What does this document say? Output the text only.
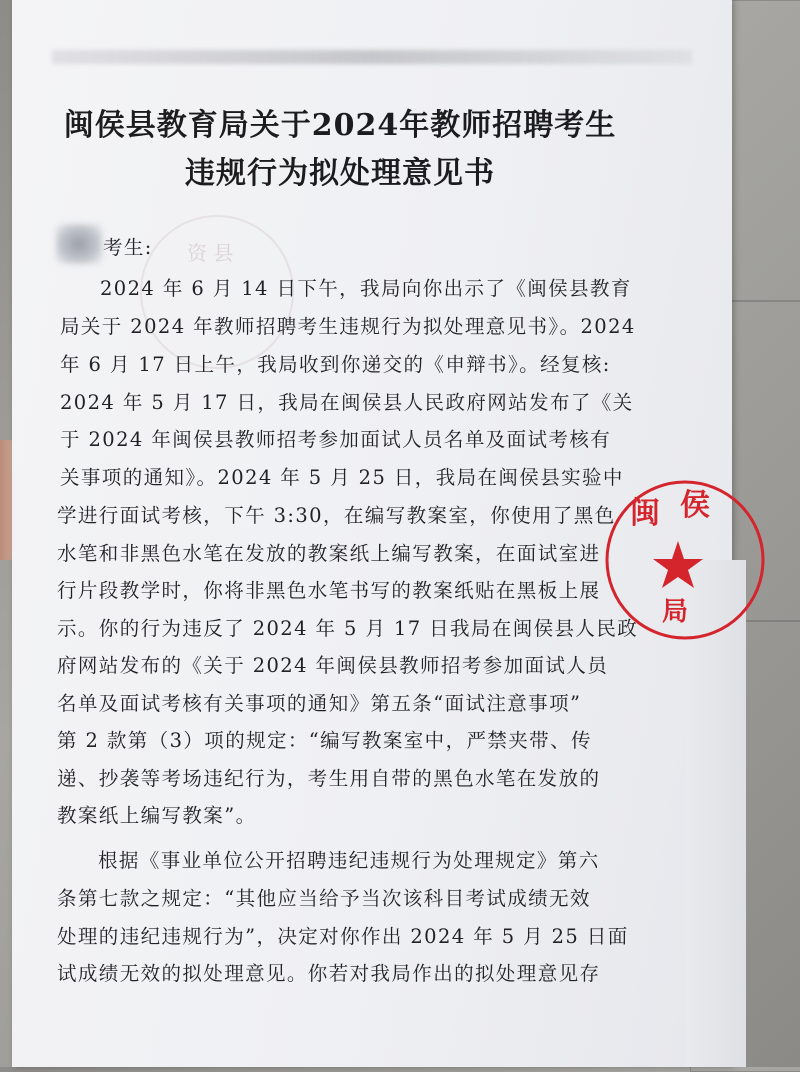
资 县
闽侯县教育局关于2024年教师招聘考生
违规行为拟处理意见书
考生:
2024 年 6 月 14 日下午，我局向你出示了《闽侯县教育
局关于 2024 年教师招聘考生违规行为拟处理意见书》。2024
年 6 月 17 日上午，我局收到你递交的《申辩书》。经复核:
2024 年 5 月 17 日，我局在闽侯县人民政府网站发布了《关
于 2024 年闽侯县教师招考参加面试人员名单及面试考核有
关事项的通知》。2024 年 5 月 25 日，我局在闽侯县实验中
学进行面试考核，下午 3:30，在编写教案室，你使用了黑色
水笔和非黑色水笔在发放的教案纸上编写教案，在面试室进
行片段教学时，你将非黑色水笔书写的教案纸贴在黑板上展
示。你的行为违反了 2024 年 5 月 17 日我局在闽侯县人民政
府网站发布的《关于 2024 年闽侯县教师招考参加面试人员
名单及面试考核有关事项的通知》第五条“面试注意事项”
第 2 款第（3）项的规定：“编写教案室中，严禁夹带、传
递、抄袭等考场违纪行为，考生用自带的黑色水笔在发放的
教案纸上编写教案”。
根据《事业单位公开招聘违纪违规行为处理规定》第六
条第七款之规定：“其他应当给予当次该科目考试成绩无效
处理的违纪违规行为”，决定对你作出 2024 年 5 月 25 日面
试成绩无效的拟处理意见。你若对我局作出的拟处理意见存
闽 侯
局
